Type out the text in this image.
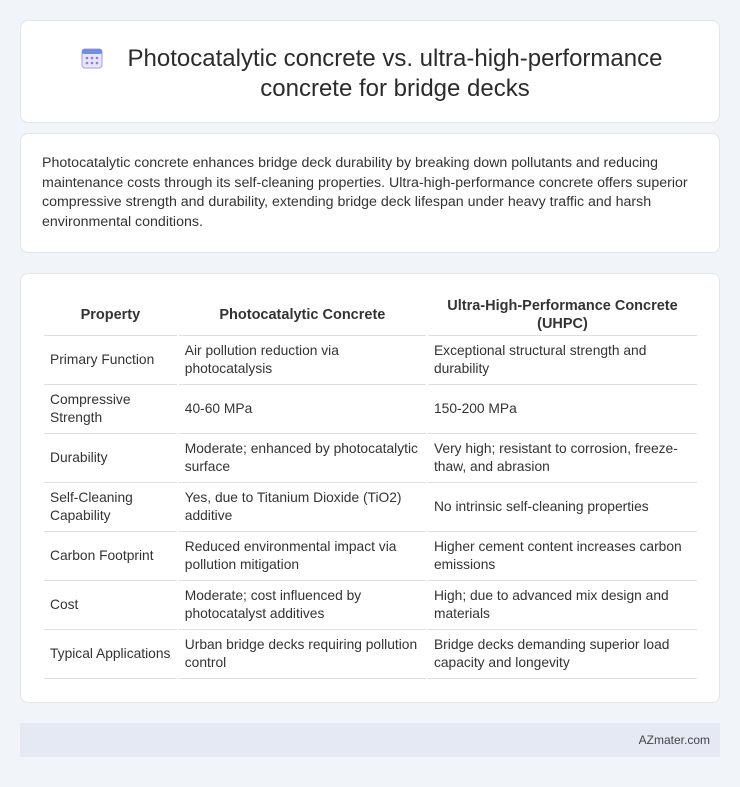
Photocatalytic concrete vs. ultra-high-performance concrete for bridge decks

Photocatalytic concrete enhances bridge deck durability by breaking down pollutants and reducing maintenance costs through its self-cleaning properties. Ultra-high-performance concrete offers superior compressive strength and durability, extending bridge deck lifespan under heavy traffic and harsh environmental conditions.

Property	Photocatalytic Concrete	Ultra-High-Performance Concrete (UHPC)
Primary Function	Air pollution reduction via photocatalysis	Exceptional structural strength and durability
Compressive Strength	40-60 MPa	150-200 MPa
Durability	Moderate; enhanced by photocatalytic surface	Very high; resistant to corrosion, freeze-thaw, and abrasion
Self-Cleaning Capability	Yes, due to Titanium Dioxide (TiO2) additive	No intrinsic self-cleaning properties
Carbon Footprint	Reduced environmental impact via pollution mitigation	Higher cement content increases carbon emissions
Cost	Moderate; cost influenced by photocatalyst additives	High; due to advanced mix design and materials
Typical Applications	Urban bridge decks requiring pollution control	Bridge decks demanding superior load capacity and longevity
AZmater.com
